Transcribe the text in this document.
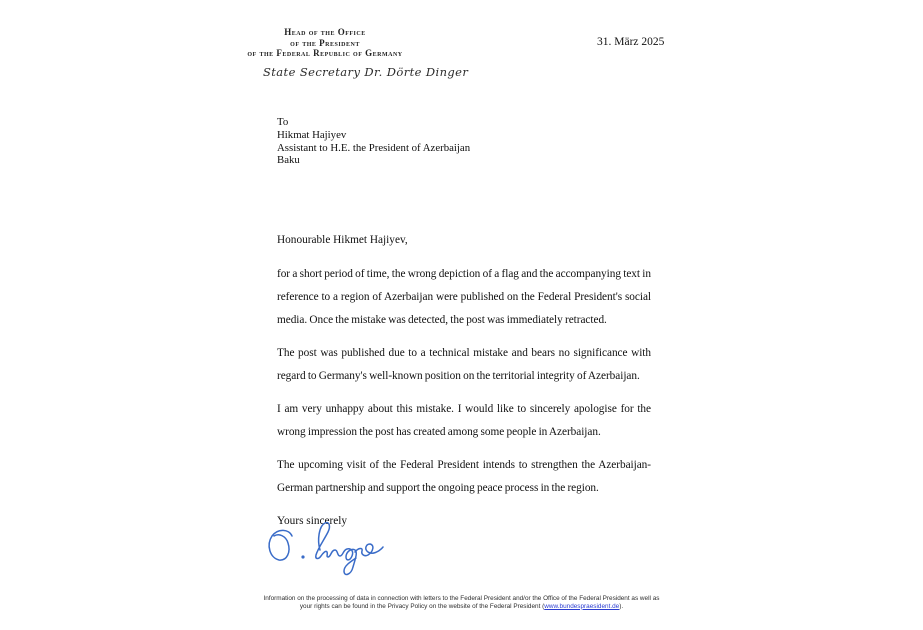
Head of the Office
of the President
of the Federal Republic of Germany
State Secretary Dr. Dörte Dinger
31. März 2025
To
Hikmat Hajiyev
Assistant to H.E. the President of Azerbaijan
Baku

Honourable Hikmet Hajiyev,

for a short period of time, the wrong depiction of a flag and the accompanying text in reference to a region of Azerbaijan were published on the Federal President's social media. Once the mistake was detected, the post was immediately retracted.

The post was published due to a technical mistake and bears no significance with regard to Germany's well-known position on the territorial integrity of Azerbaijan.

I am very unhappy about this mistake. I would like to sincerely apologise for the wrong impression the post has created among some people in Azerbaijan.

The upcoming visit of the Federal President intends to strengthen the Azerbaijan-German partnership and support the ongoing peace process in the region.

Yours sincerely

Information on the processing of data in connection with letters to the Federal President and/or the Office of the Federal President as well as
your rights can be found in the Privacy Policy on the website of the Federal President (www.bundespraesident.de).
